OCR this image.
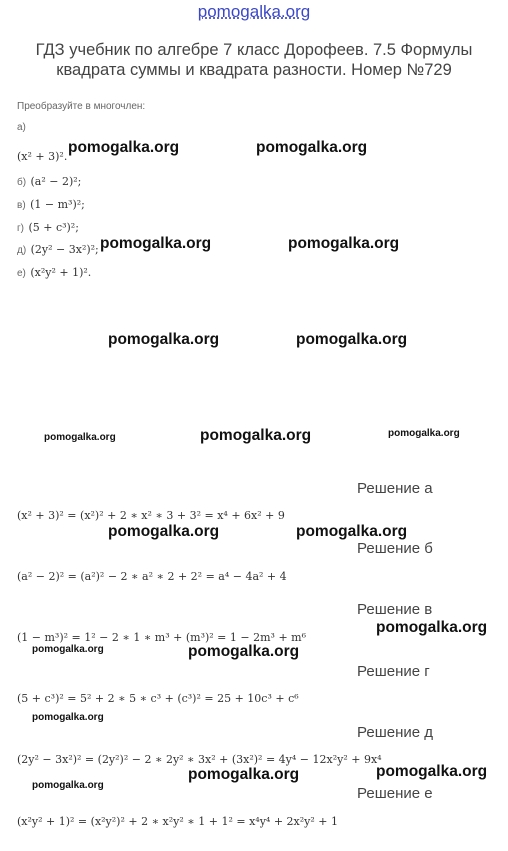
pomogalka.org
ГДЗ учебник по алгебре 7 класс Дорофеев. 7.5 Формулы квадрата суммы и квадрата разности. Номер №729
Преобразуйте в многочлен:
а)
(x² + 3)².
б) (a² − 2)²;
в) (1 − m³)²;
г) (5 + c³)²;
д) (2y² − 3x²)²;
е) (x²y² + 1)².
Решение а
(x² + 3)² = (x²)² + 2 ∗ x² ∗ 3 + 3² = x⁴ + 6x² + 9
Решение б
(a² − 2)² = (a²)² − 2 ∗ a² ∗ 2 + 2² = a⁴ − 4a² + 4
Решение в
(1 − m³)² = 1² − 2 ∗ 1 ∗ m³ + (m³)² = 1 − 2m³ + m⁶
Решение г
(5 + c³)² = 5² + 2 ∗ 5 ∗ c³ + (c³)² = 25 + 10c³ + c⁶
Решение д
(2y² − 3x²)² = (2y²)² − 2 ∗ 2y² ∗ 3x² + (3x²)² = 4y⁴ − 12x²y² + 9x⁴
Решение е
(x²y² + 1)² = (x²y²)² + 2 ∗ x²y² ∗ 1 + 1² = x⁴y⁴ + 2x²y² + 1
pomogalka.org	pomogalka.org
pomogalka.org	pomogalka.org
pomogalka.org	pomogalka.org
pomogalka.org	pomogalka.org	pomogalka.org
pomogalka.org	pomogalka.org
pomogalka.org
pomogalka.org	pomogalka.org
pomogalka.org
pomogalka.org	pomogalka.org
pomogalka.org
